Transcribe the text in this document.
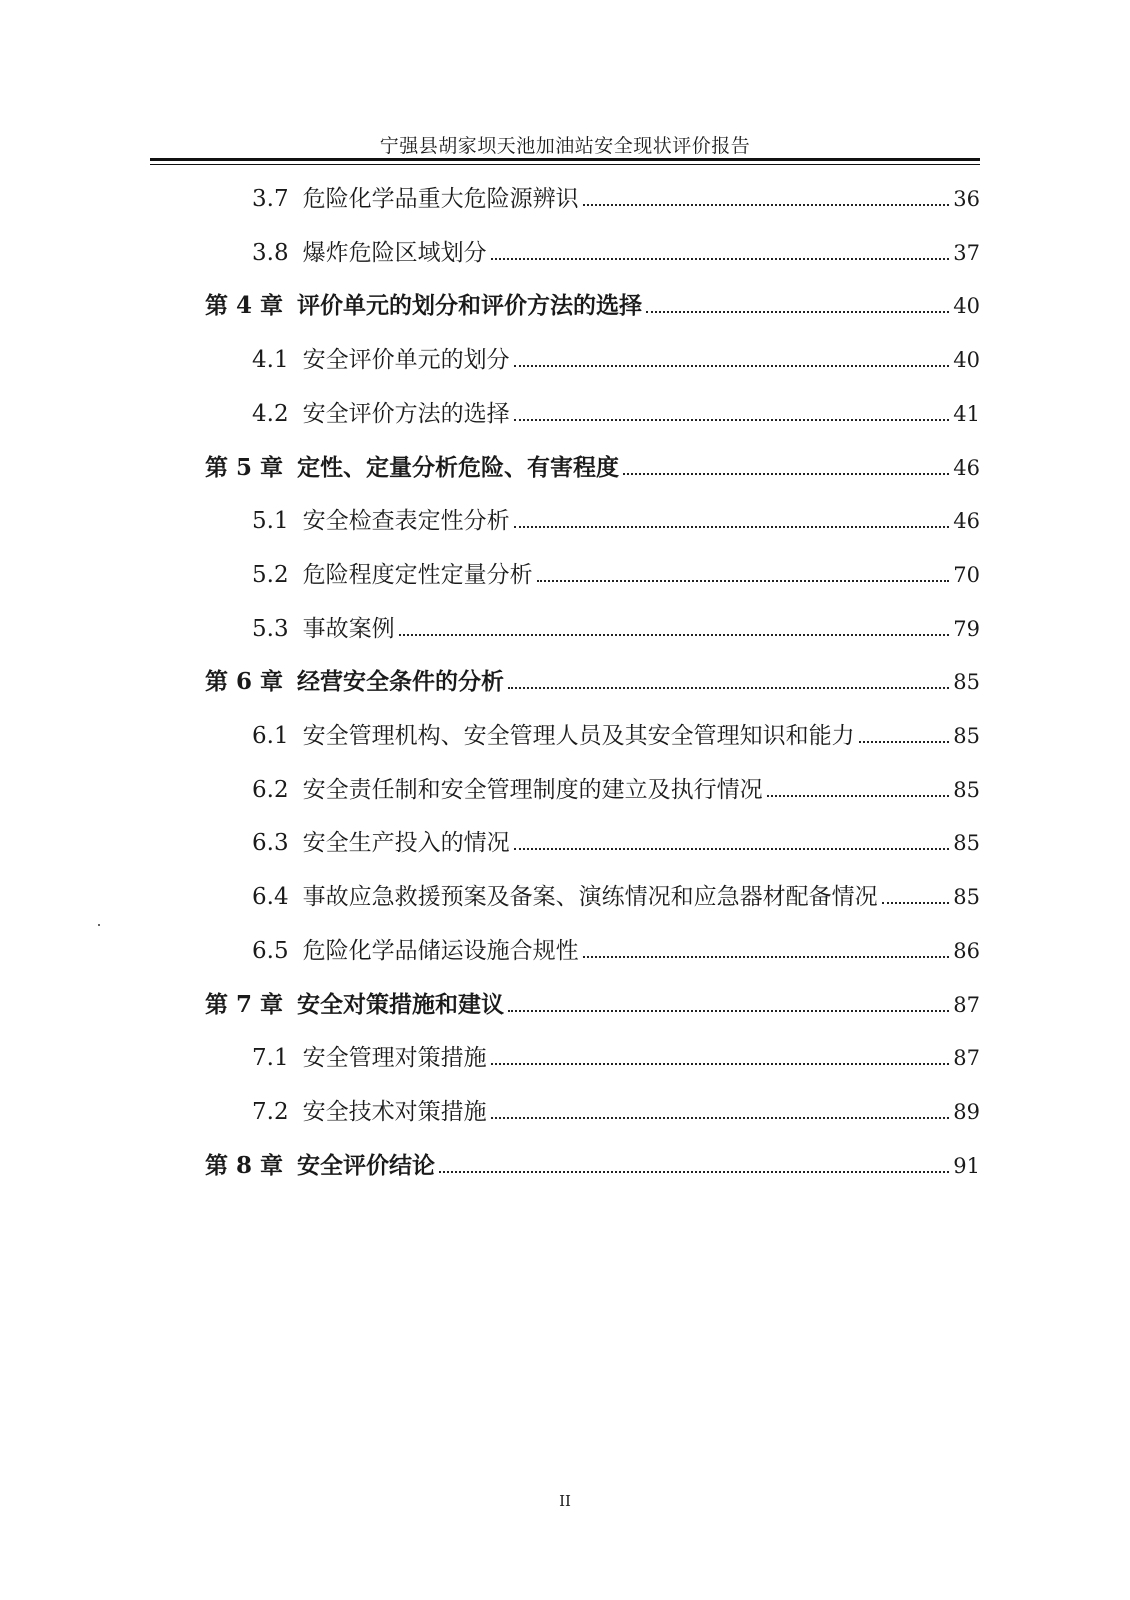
宁强县胡家坝天池加油站安全现状评价报告
3.7 危险化学品重大危险源辨识	36
3.8 爆炸危险区域划分	37
第 4 章 评价单元的划分和评价方法的选择	40
4.1 安全评价单元的划分	40
4.2 安全评价方法的选择	41
第 5 章 定性、定量分析危险、有害程度	46
5.1 安全检查表定性分析	46
5.2 危险程度定性定量分析	70
5.3 事故案例	79
第 6 章 经营安全条件的分析	85
6.1 安全管理机构、安全管理人员及其安全管理知识和能力	85
6.2 安全责任制和安全管理制度的建立及执行情况	85
6.3 安全生产投入的情况	85
6.4 事故应急救援预案及备案、演练情况和应急器材配备情况	85
6.5 危险化学品储运设施合规性	86
第 7 章 安全对策措施和建议	87
7.1 安全管理对策措施	87
7.2 安全技术对策措施	89
第 8 章 安全评价结论	91
II
